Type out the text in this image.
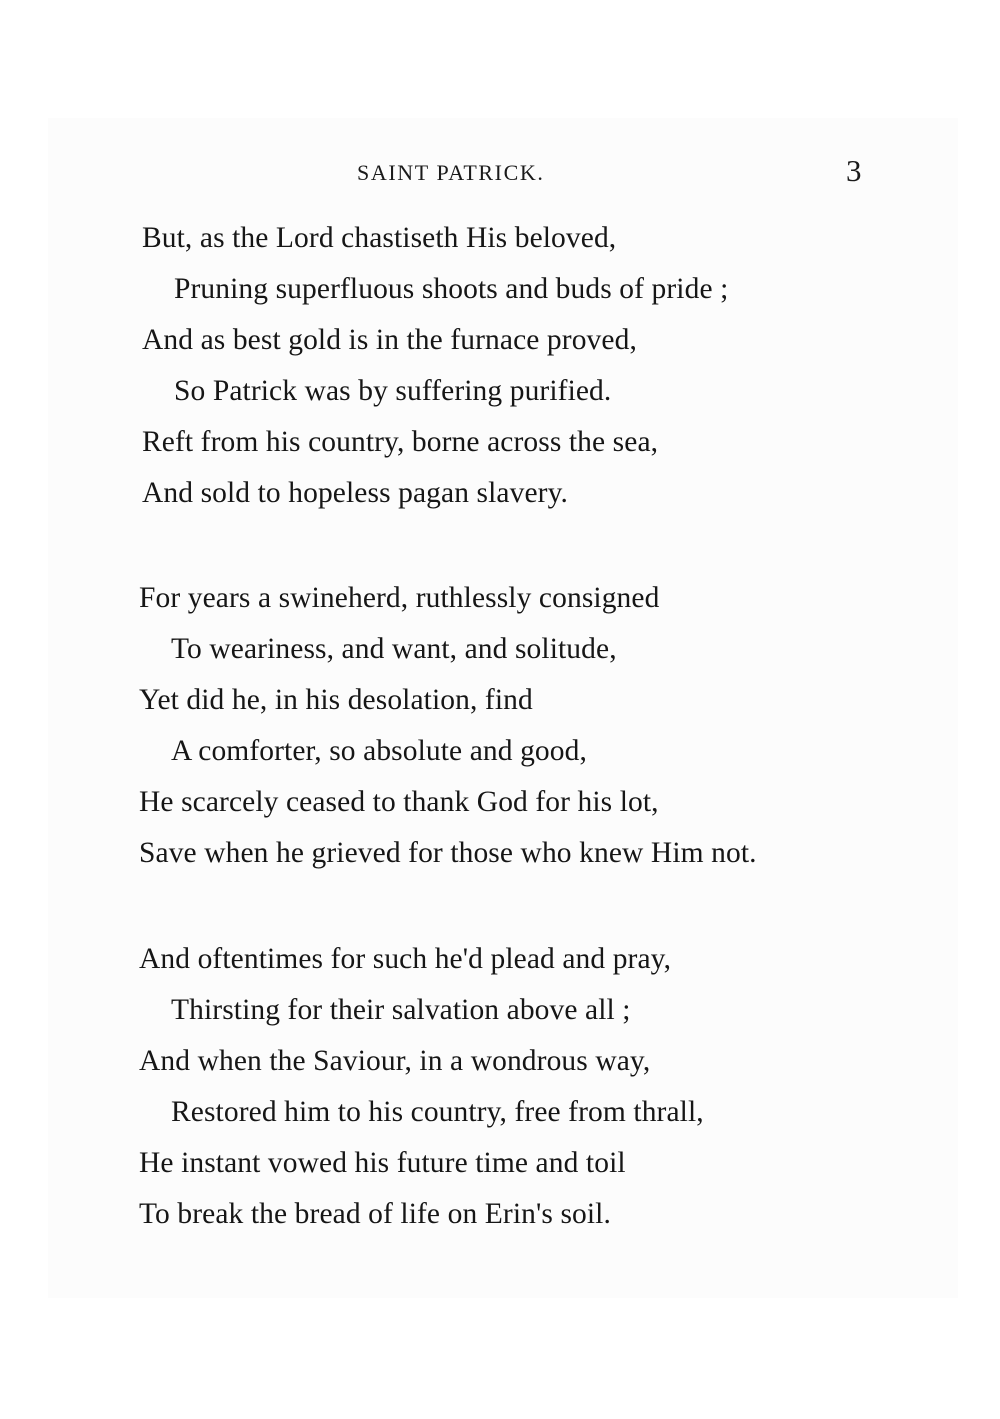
SAINT PATRICK.	3
But, as the Lord chastiseth His beloved,
Pruning superfluous shoots and buds of pride ;
And as best gold is in the furnace proved,
So Patrick was by suffering purified.
Reft from his country, borne across the sea,
And sold to hopeless pagan slavery.
For years a swineherd, ruthlessly consigned
To weariness, and want, and solitude,
Yet did he, in his desolation, find
A comforter, so absolute and good,
He scarcely ceased to thank God for his lot,
Save when he grieved for those who knew Him not.
And oftentimes for such he'd plead and pray,
Thirsting for their salvation above all ;
And when the Saviour, in a wondrous way,
Restored him to his country, free from thrall,
He instant vowed his future time and toil
To break the bread of life on Erin's soil.
